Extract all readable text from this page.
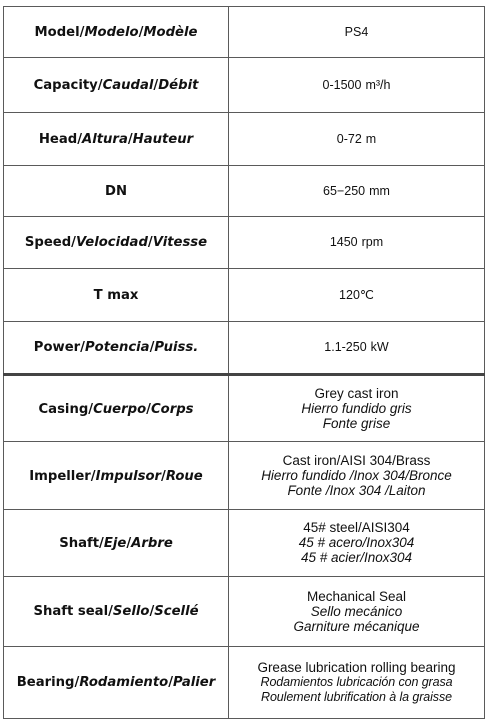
Model/Modelo/Modèle	PS4
Capacity/Caudal/Débit	0-1500 m³/h
Head/Altura/Hauteur	0-72 m
DN	65−250 mm
Speed/Velocidad/Vitesse	1450 rpm
T max	120℃
Power/Potencia/Puiss.	1.1-250 kW
Casing/Cuerpo/Corps	Grey cast iron
Hierro fundido gris
Fonte grise

Impeller/Impulsor/Roue	Cast iron/AISI 304/Brass
Hierro fundido /Inox 304/Bronce
Fonte /Inox 304 /Laiton

Shaft/Eje/Arbre	45# steel/AISI304
45 # acero/Inox304
45 # acier/Inox304

Shaft seal/Sello/Scellé	Mechanical Seal
Sello mecánico
Garniture mécanique

Bearing/Rodamiento/Palier	Grease lubrication rolling bearing
Rodamientos lubricación con grasa
Roulement lubrification à la graisse
